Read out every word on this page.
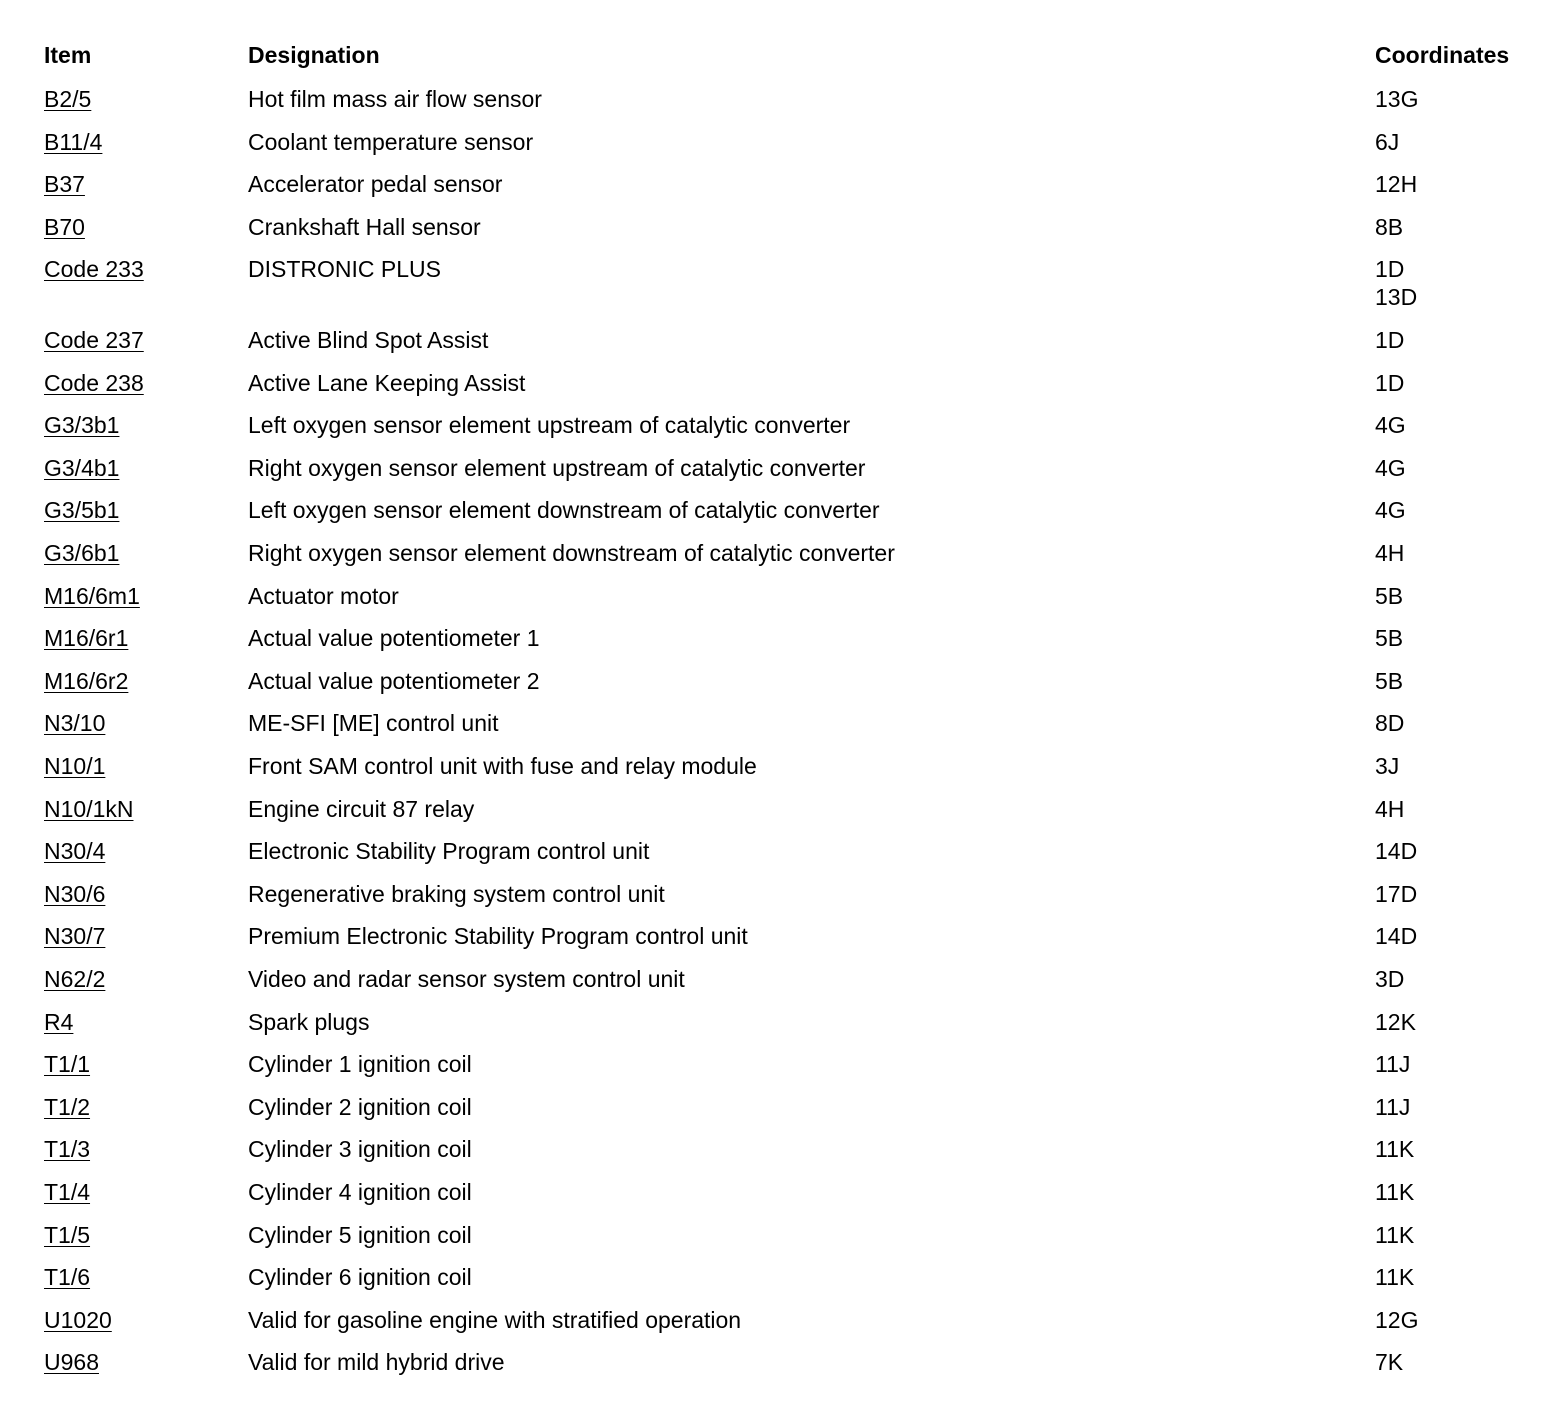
Item	Designation	Coordinates
B2/5	Hot film mass air flow sensor	13G
B11/4	Coolant temperature sensor	6J
B37	Accelerator pedal sensor	12H
B70	Crankshaft Hall sensor	8B
Code 233	DISTRONIC PLUS	1D
13D
Code 237	Active Blind Spot Assist	1D
Code 238	Active Lane Keeping Assist	1D
G3/3b1	Left oxygen sensor element upstream of catalytic converter	4G
G3/4b1	Right oxygen sensor element upstream of catalytic converter	4G
G3/5b1	Left oxygen sensor element downstream of catalytic converter	4G
G3/6b1	Right oxygen sensor element downstream of catalytic converter	4H
M16/6m1	Actuator motor	5B
M16/6r1	Actual value potentiometer 1	5B
M16/6r2	Actual value potentiometer 2	5B
N3/10	ME-SFI [ME] control unit	8D
N10/1	Front SAM control unit with fuse and relay module	3J
N10/1kN	Engine circuit 87 relay	4H
N30/4	Electronic Stability Program control unit	14D
N30/6	Regenerative braking system control unit	17D
N30/7	Premium Electronic Stability Program control unit	14D
N62/2	Video and radar sensor system control unit	3D
R4	Spark plugs	12K
T1/1	Cylinder 1 ignition coil	11J
T1/2	Cylinder 2 ignition coil	11J
T1/3	Cylinder 3 ignition coil	11K
T1/4	Cylinder 4 ignition coil	11K
T1/5	Cylinder 5 ignition coil	11K
T1/6	Cylinder 6 ignition coil	11K
U1020	Valid for gasoline engine with stratified operation	12G
U968	Valid for mild hybrid drive	7K
